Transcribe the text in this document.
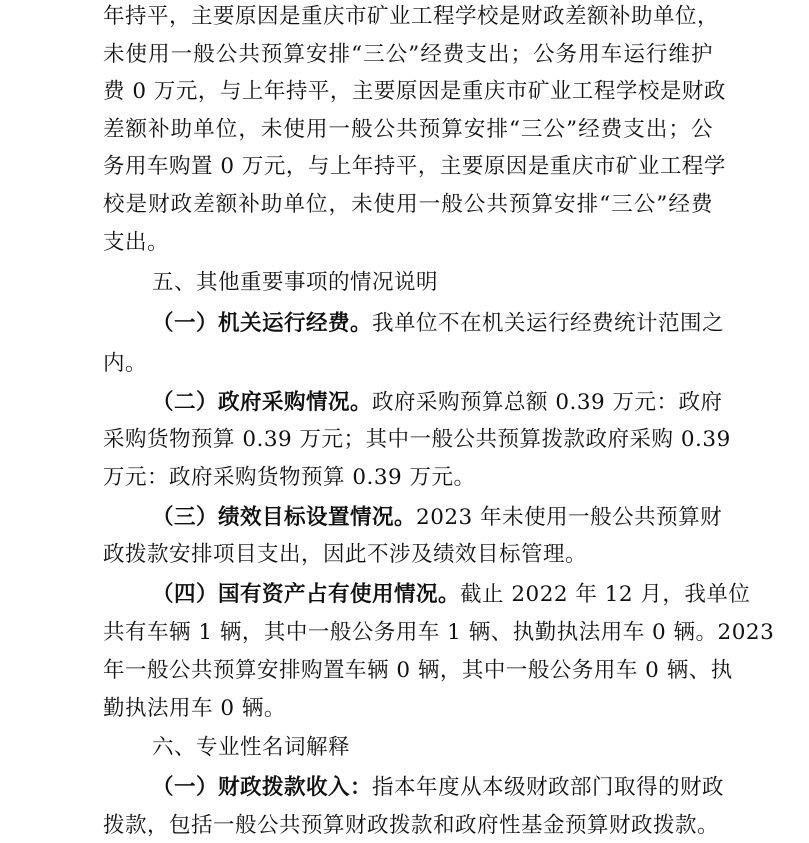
年持平，主要原因是重庆市矿业工程学校是财政差额补助单位，
未使用一般公共预算安排“三公”经费支出；公务用车运行维护
费 0 万元，与上年持平，主要原因是重庆市矿业工程学校是财政
差额补助单位，未使用一般公共预算安排“三公”经费支出；公
务用车购置 0 万元，与上年持平，主要原因是重庆市矿业工程学
校是财政差额补助单位，未使用一般公共预算安排“三公”经费
支出。
五、其他重要事项的情况说明
（一）机关运行经费。我单位不在机关运行经费统计范围之
内。
（二）政府采购情况。政府采购预算总额 0.39 万元：政府
采购货物预算 0.39 万元；其中一般公共预算拨款政府采购 0.39
万元：政府采购货物预算 0.39 万元。
（三）绩效目标设置情况。2023 年未使用一般公共预算财
政拨款安排项目支出，因此不涉及绩效目标管理。
（四）国有资产占有使用情况。截止 2022 年 12 月，我单位
共有车辆 1 辆，其中一般公务用车 1 辆、执勤执法用车 0 辆。2023
年一般公共预算安排购置车辆 0 辆，其中一般公务用车 0 辆、执
勤执法用车 0 辆。
六、专业性名词解释
（一）财政拨款收入：指本年度从本级财政部门取得的财政
拨款，包括一般公共预算财政拨款和政府性基金预算财政拨款。
